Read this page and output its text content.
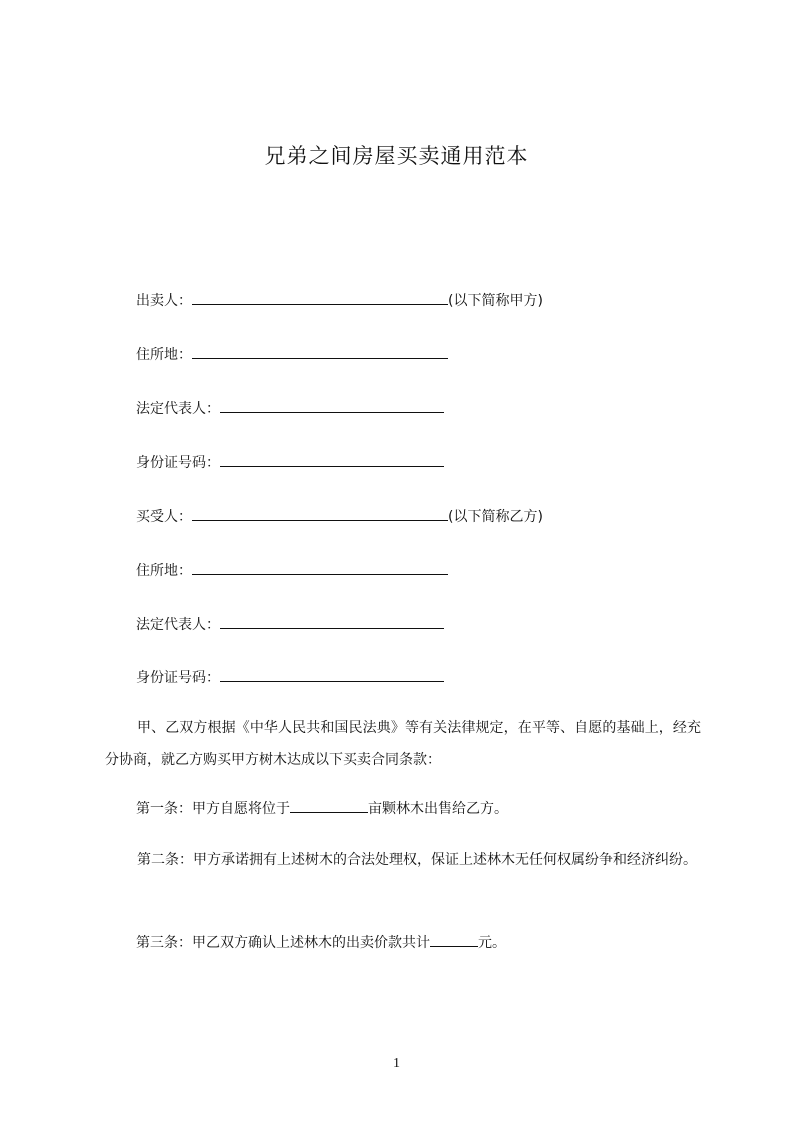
兄弟之间房屋买卖通用范本
出卖人：	(以下简称甲方)
住所地：
法定代表人：
身份证号码：
买受人：	(以下简称乙方)
住所地：
法定代表人：
身份证号码：
甲、乙双方根据《中华人民共和国民法典》等有关法律规定，在平等、自愿的基础上，经充分协商，就乙方购买甲方树木达成以下买卖合同条款：
第一条：甲方自愿将位于	亩颗林木出售给乙方。
第二条：甲方承诺拥有上述树木的合法处理权，保证上述林木无任何权属纷争和经济纠纷。
第三条：甲乙双方确认上述林木的出卖价款共计	元。
1
